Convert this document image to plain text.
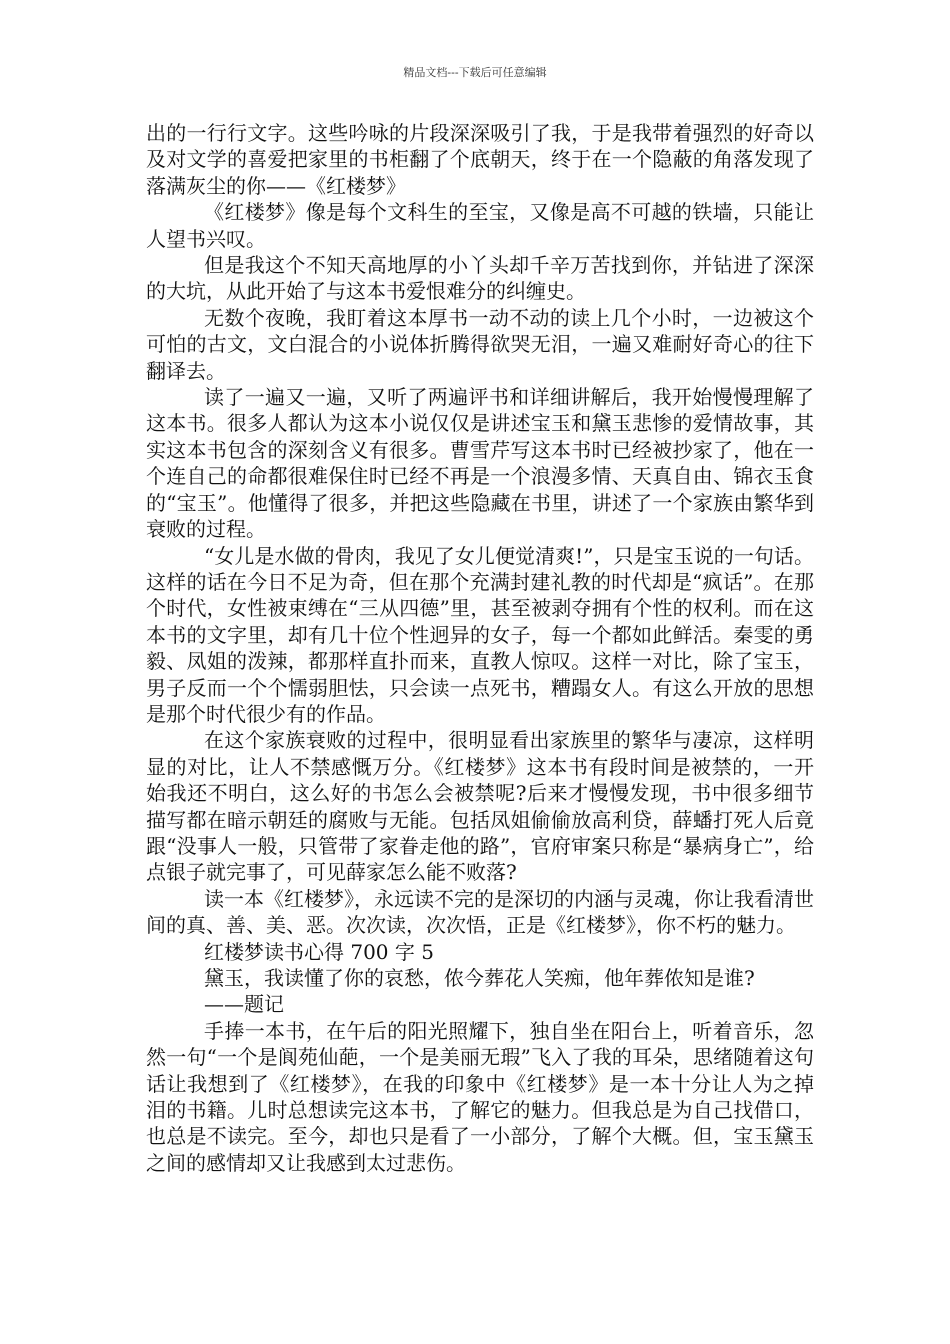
精品文档---下载后可任意编辑

出的一行行文字。这些吟咏的片段深深吸引了我，于是我带着强烈的好奇以及对文学的喜爱把家里的书柜翻了个底朝天，终于在一个隐蔽的角落发现了落满灰尘的你——《红楼梦》

《红楼梦》像是每个文科生的至宝，又像是高不可越的铁墙，只能让人望书兴叹。

但是我这个不知天高地厚的小丫头却千辛万苦找到你，并钻进了深深的大坑，从此开始了与这本书爱恨难分的纠缠史。

无数个夜晚，我盯着这本厚书一动不动的读上几个小时，一边被这个可怕的古文，文白混合的小说体折腾得欲哭无泪，一遍又难耐好奇心的往下翻译去。

读了一遍又一遍，又听了两遍评书和详细讲解后，我开始慢慢理解了这本书。很多人都认为这本小说仅仅是讲述宝玉和黛玉悲惨的爱情故事，其实这本书包含的深刻含义有很多。曹雪芹写这本书时已经被抄家了，他在一个连自己的命都很难保住时已经不再是一个浪漫多情、天真自由、锦衣玉食的“宝玉”。他懂得了很多，并把这些隐藏在书里，讲述了一个家族由繁华到衰败的过程。

“女儿是水做的骨肉，我见了女儿便觉清爽!”，只是宝玉说的一句话。这样的话在今日不足为奇，但在那个充满封建礼教的时代却是“疯话”。在那个时代，女性被束缚在“三从四德”里，甚至被剥夺拥有个性的权利。而在这本书的文字里，却有几十位个性迥异的女子，每一个都如此鲜活。秦雯的勇毅、凤姐的泼辣，都那样直扑而来，直教人惊叹。这样一对比，除了宝玉，男子反而一个个懦弱胆怯，只会读一点死书，糟蹋女人。有这么开放的思想是那个时代很少有的作品。

在这个家族衰败的过程中，很明显看出家族里的繁华与凄凉，这样明显的对比，让人不禁感慨万分。《红楼梦》这本书有段时间是被禁的，一开始我还不明白，这么好的书怎么会被禁呢?后来才慢慢发现，书中很多细节描写都在暗示朝廷的腐败与无能。包括凤姐偷偷放高利贷，薛蟠打死人后竟跟“没事人一般，只管带了家眷走他的路”，官府审案只称是“暴病身亡”，给点银子就完事了，可见薛家怎么能不败落?

读一本《红楼梦》，永远读不完的是深切的内涵与灵魂，你让我看清世间的真、善、美、恶。次次读，次次悟，正是《红楼梦》，你不朽的魅力。

红楼梦读书心得 700 字 5

黛玉，我读懂了你的哀愁，侬今葬花人笑痴，他年葬侬知是谁?

——题记

手捧一本书，在午后的阳光照耀下，独自坐在阳台上，听着音乐，忽然一句“一个是阆苑仙葩，一个是美丽无瑕”飞入了我的耳朵，思绪随着这句话让我想到了《红楼梦》，在我的印象中《红楼梦》是一本十分让人为之掉泪的书籍。儿时总想读完这本书，了解它的魅力。但我总是为自己找借口，也总是不读完。至今，却也只是看了一小部分，了解个大概。但，宝玉黛玉之间的感情却又让我感到太过悲伤。
